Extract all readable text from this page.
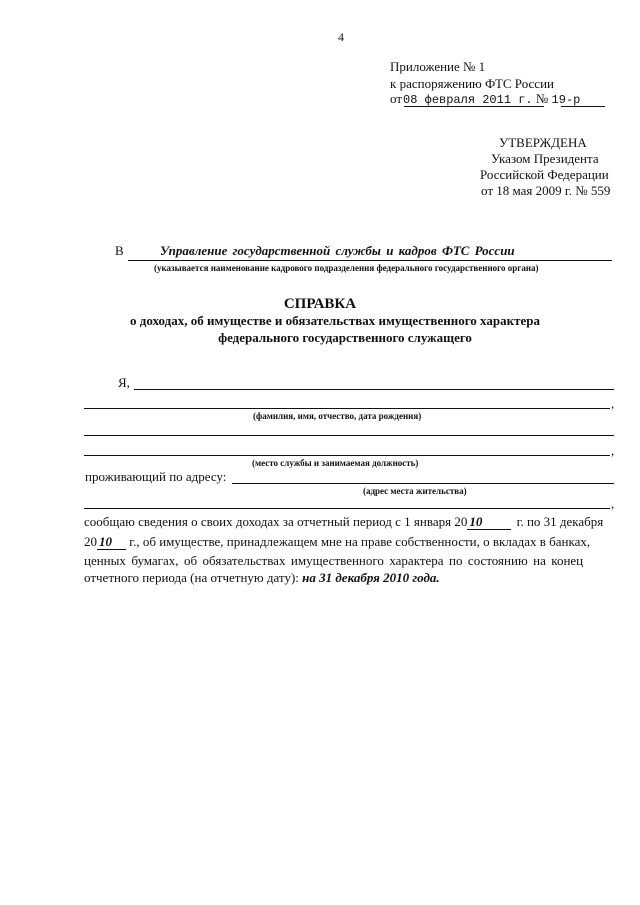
4
Приложение № 1
к распоряжению ФТС России
от08 февраля 2011 г. № 19-р
УТВЕРЖДЕНА
Указом Президента
Российской Федерации
от 18 мая 2009 г. № 559
В	Управление государственной службы и кадров ФТС России
(указывается наименование кадрового подразделения федерального государственного органа)
СПРАВКА
о доходах, об имуществе и обязательствах имущественного характера
федерального государственного служащего
Я,
,
(фамилия, имя, отчество, дата рождения)
,
(место службы и занимаемая должность)
проживающий по адресу:
(адрес места жительства)
,
сообщаю сведения о своих доходах за отчетный период с 1 января 20 10	г. по 31 декабря
20 10 г., об имуществе, принадлежащем мне на праве собственности, о вкладах в банках,
ценных бумагах, об обязательствах имущественного характера по состоянию на конец
отчетного периода (на отчетную дату): на 31 декабря 2010 года.
